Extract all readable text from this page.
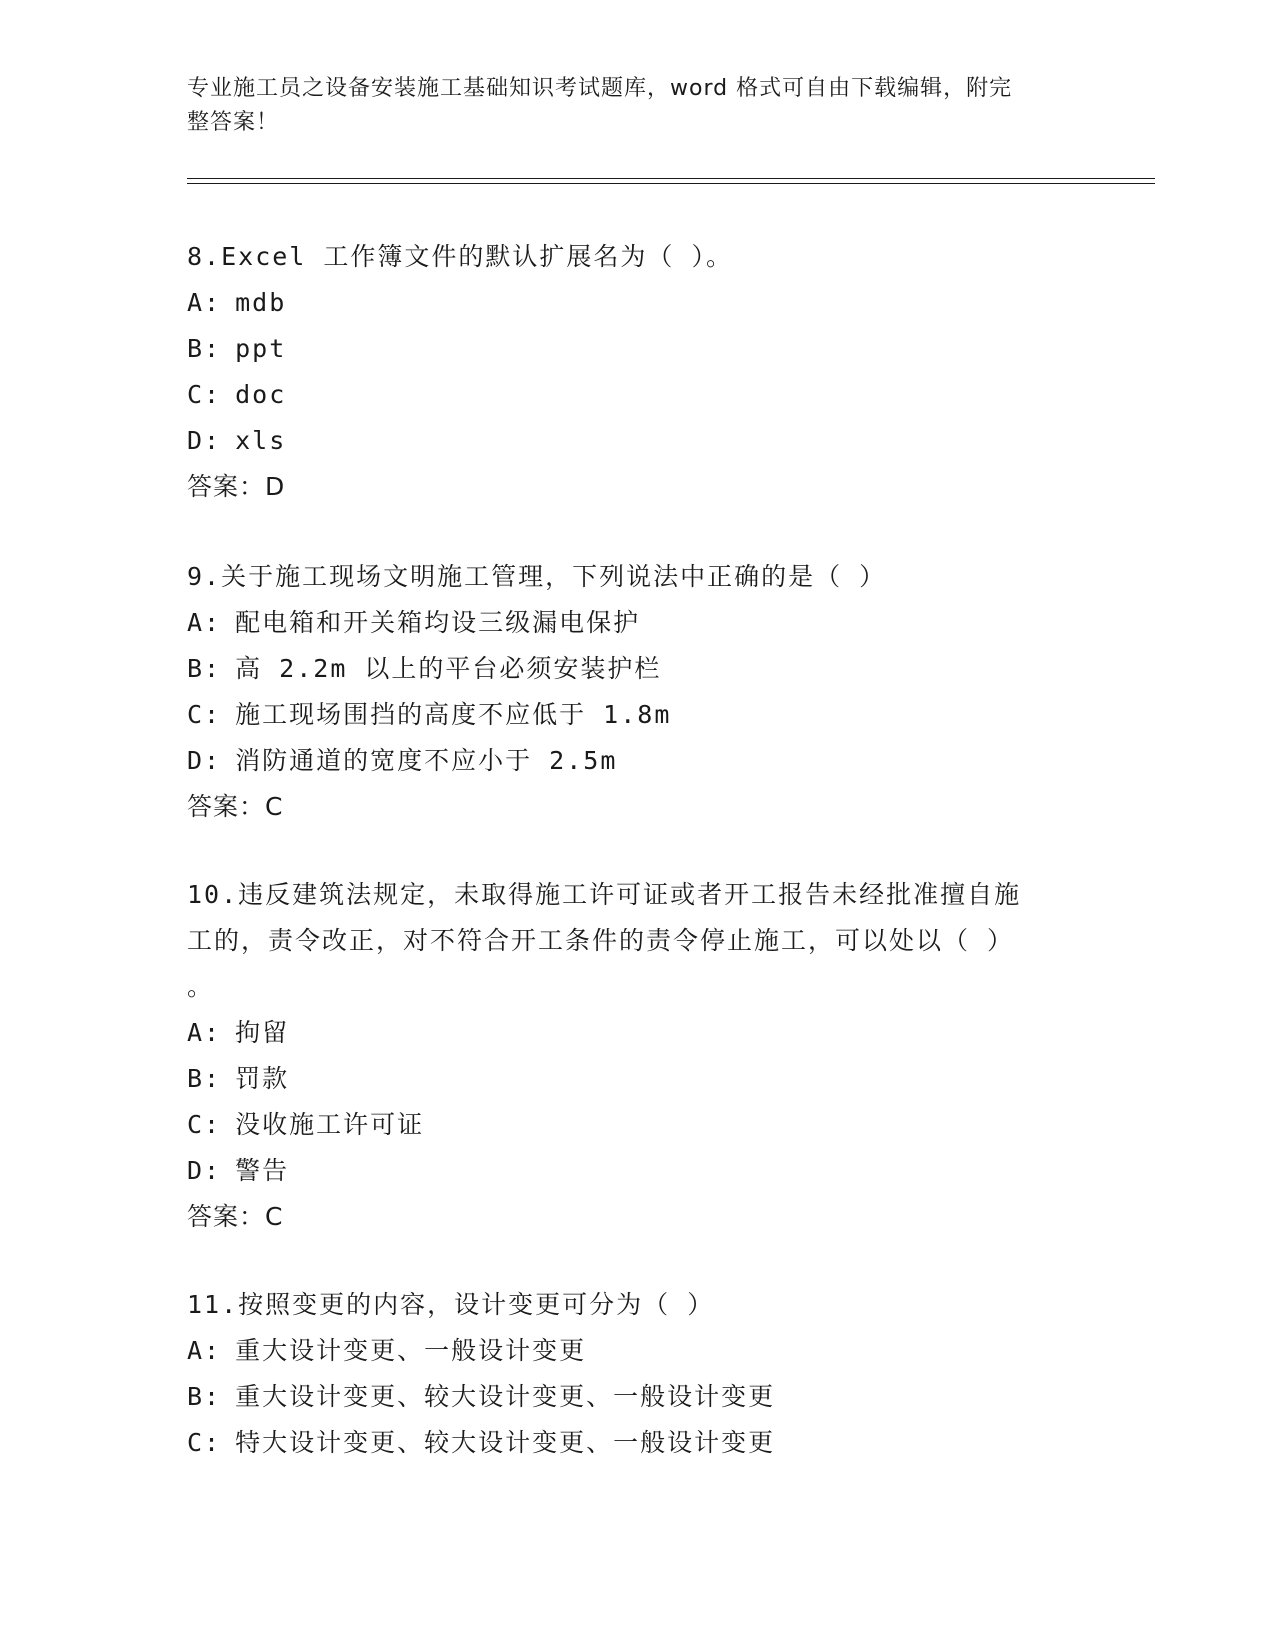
专业施工员之设备安装施工基础知识考试题库，word 格式可自由下载编辑，附完
整答案！
8.Excel 工作簿文件的默认扩展名为（ ）。
A: mdb
B: ppt
C: doc
D: xls
答案：D
9.关于施工现场文明施工管理，下列说法中正确的是（ ）
A: 配电箱和开关箱均设三级漏电保护
B: 高 2.2m 以上的平台必须安装护栏
C: 施工现场围挡的高度不应低于 1.8m
D: 消防通道的宽度不应小于 2.5m
答案：C
10.违反建筑法规定，未取得施工许可证或者开工报告未经批准擅自施
工的，责令改正，对不符合开工条件的责令停止施工，可以处以（ ）
。
A: 拘留
B: 罚款
C: 没收施工许可证
D: 警告
答案：C
11.按照变更的内容，设计变更可分为（ ）
A: 重大设计变更、一般设计变更
B: 重大设计变更、较大设计变更、一般设计变更
C: 特大设计变更、较大设计变更、一般设计变更
